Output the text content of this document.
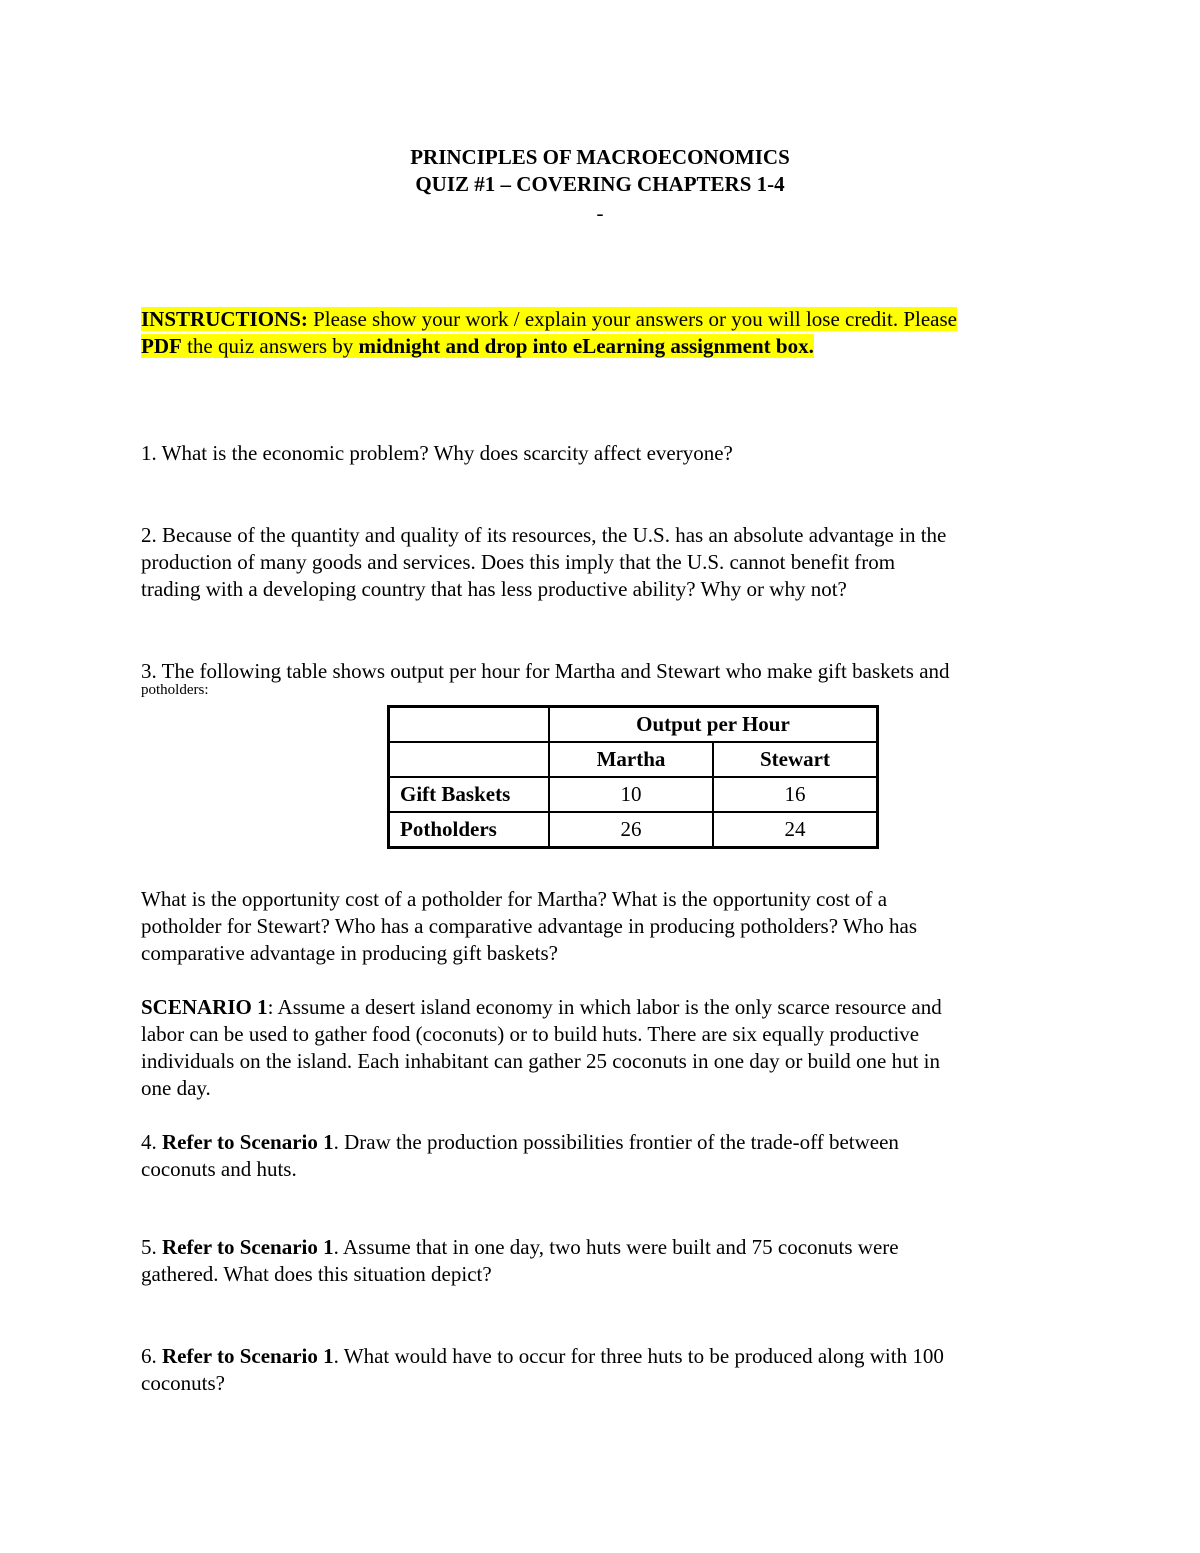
PRINCIPLES OF MACROECONOMICS
QUIZ #1 – COVERING CHAPTERS 1-4
-
INSTRUCTIONS: Please show your work / explain your answers or you will lose credit. Please
PDF the quiz answers by midnight and drop into eLearning assignment box.
1. What is the economic problem? Why does scarcity affect everyone?
2. Because of the quantity and quality of its resources, the U.S. has an absolute advantage in the
production of many goods and services. Does this imply that the U.S. cannot benefit from
trading with a developing country that has less productive ability? Why or why not?
3. The following table shows output per hour for Martha and Stewart who make gift baskets and
potholders:
	Output per Hour	
	Martha	Stewart
Gift Baskets	10	16
Potholders	26	24
What is the opportunity cost of a potholder for Martha? What is the opportunity cost of a
potholder for Stewart? Who has a comparative advantage in producing potholders? Who has
comparative advantage in producing gift baskets?
SCENARIO 1: Assume a desert island economy in which labor is the only scarce resource and
labor can be used to gather food (coconuts) or to build huts. There are six equally productive
individuals on the island. Each inhabitant can gather 25 coconuts in one day or build one hut in
one day.
4. Refer to Scenario 1. Draw the production possibilities frontier of the trade-off between
coconuts and huts.
5. Refer to Scenario 1. Assume that in one day, two huts were built and 75 coconuts were
gathered. What does this situation depict?
6. Refer to Scenario 1. What would have to occur for three huts to be produced along with 100
coconuts?
